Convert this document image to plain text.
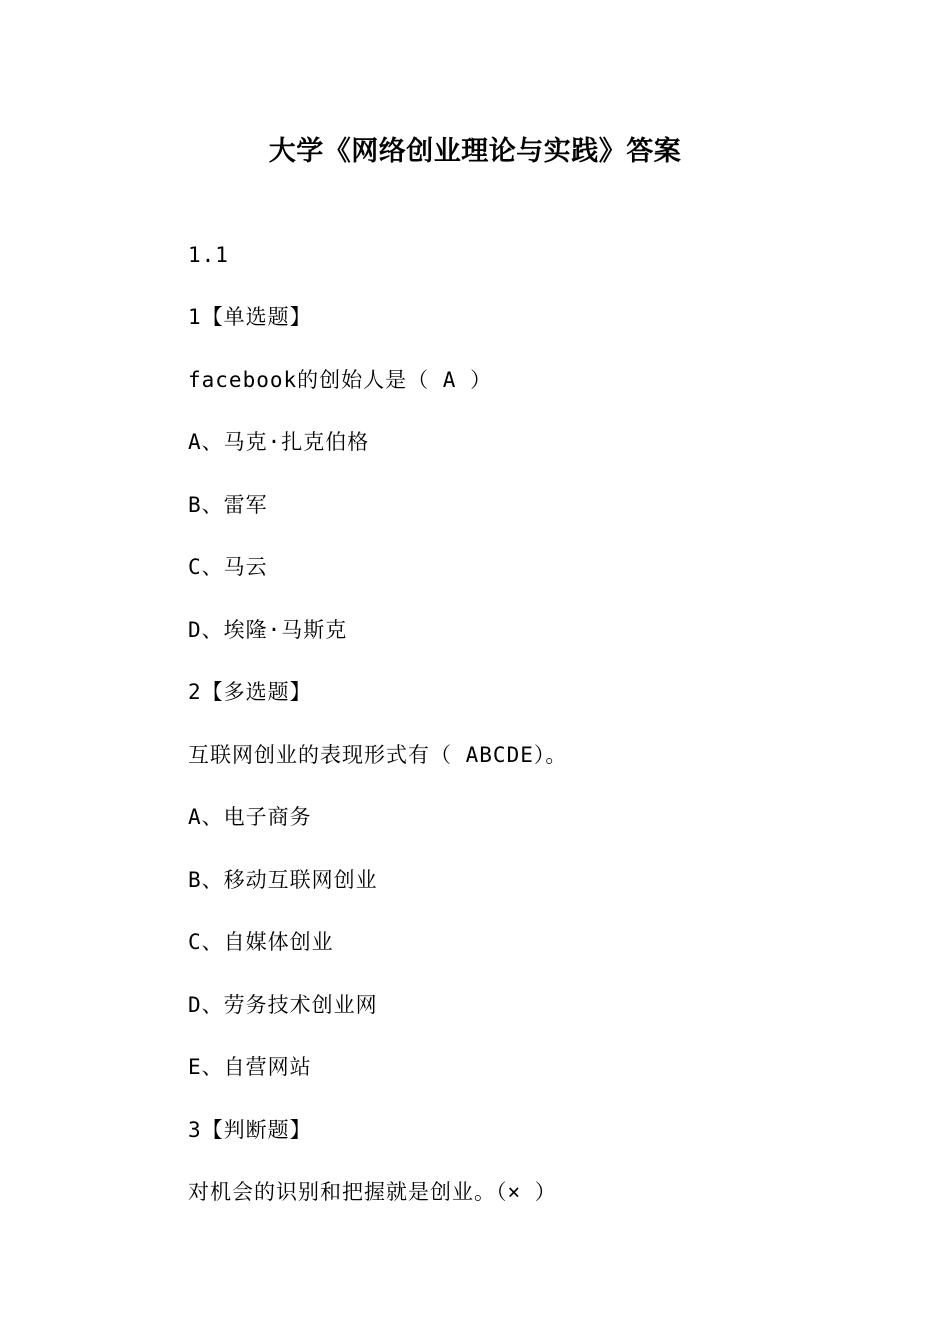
大学《网络创业理论与实践》答案
1.1
1【单选题】
facebook的创始人是（ A ）
A、马克·扎克伯格
B、雷军
C、马云
D、埃隆·马斯克
2【多选题】
互联网创业的表现形式有（ ABCDE）。
A、电子商务
B、移动互联网创业
C、自媒体创业
D、劳务技术创业网
E、自营网站
3【判断题】
对机会的识别和把握就是创业。（× ）
